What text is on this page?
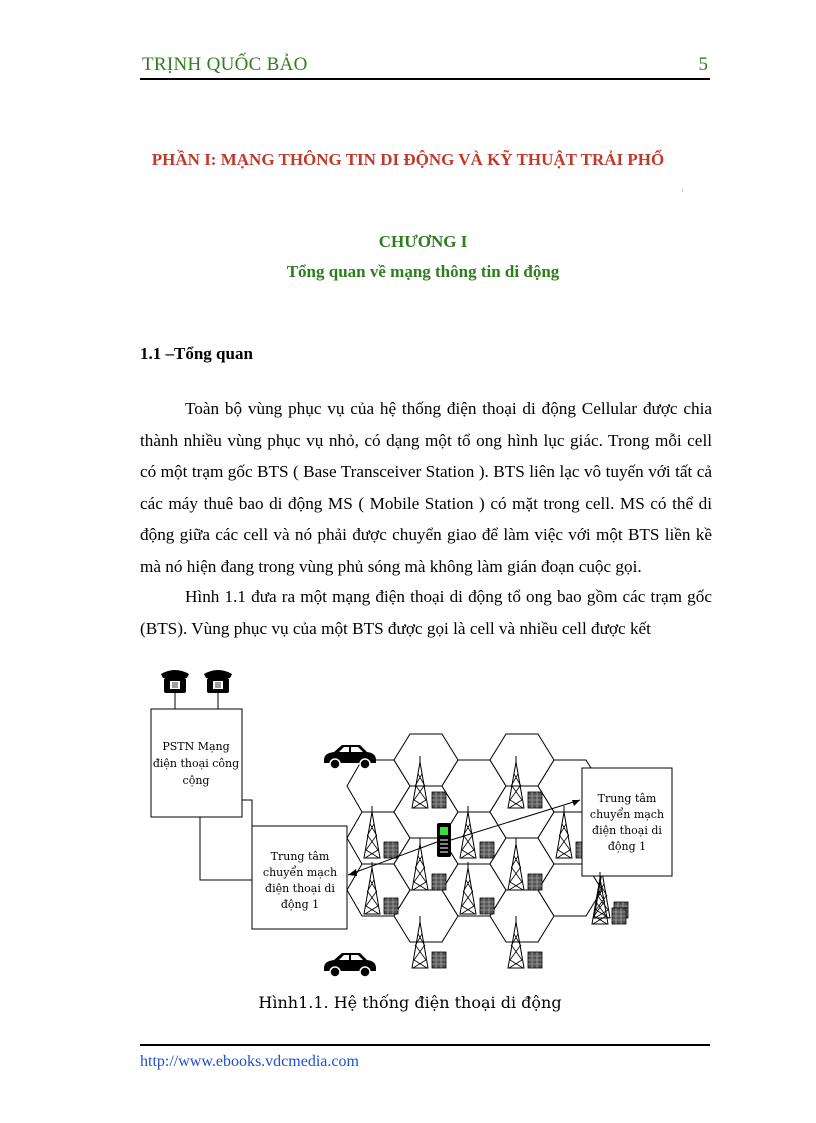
TRỊNH QUỐC BẢO	5
PHẦN I: MẠNG THÔNG TIN DI ĐỘNG VÀ KỸ THUẬT TRẢI PHỔ
˒
CHƯƠNG I
Tổng quan về mạng thông tin di động
1.1 –Tổng quan
Toàn bộ vùng phục vụ của hệ thống điện thoại di động Cellular được chia thành nhiều vùng phục vụ nhỏ, có dạng một tổ ong hình lục giác. Trong mỗi cell có một trạm gốc BTS ( Base Transceiver Station ). BTS liên lạc vô tuyến với tất cả các máy thuê bao di động MS ( Mobile Station ) có mặt trong cell. MS có thể di động giữa các cell và nó phải được chuyển giao để làm việc với một BTS liền kề mà nó hiện đang trong vùng phủ sóng mà không làm gián đoạn cuộc gọi.
Hình 1.1 đưa ra một mạng điện thoại di động tổ ong bao gồm các trạm gốc (BTS). Vùng phục vụ của một BTS được gọi là cell và nhiều cell được kết
PSTN Mạng
điện thoại công
cộng
Trung tâm
chuyển mạch
điện thoại di
động 1
Trung tâm
chuyển mạch
điện thoại di
động 1
Hình1.1. Hệ thống điện thoại di động
http://www.ebooks.vdcmedia.com
